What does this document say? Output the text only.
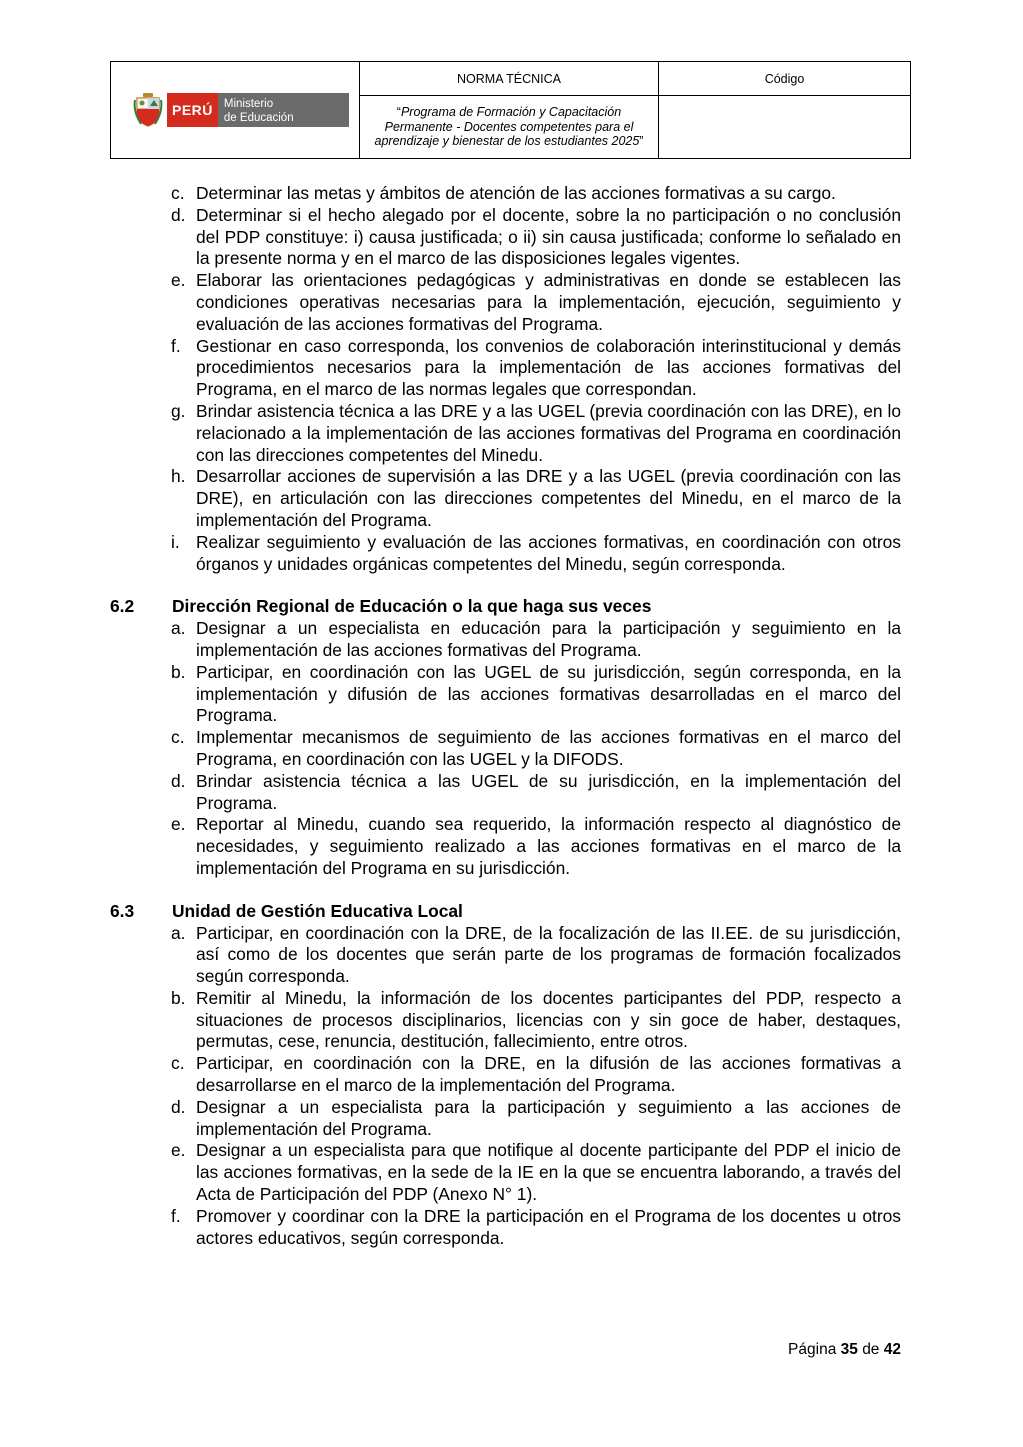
PERÚ Ministerio
de Educación	NORMA TÉCNICA	Código
	“Programa de Formación y Capacitación Permanente - Docentes competentes para el aprendizaje y bienestar de los estudiantes 2025”	
c. Determinar las metas y ámbitos de atención de las acciones formativas a su cargo.
d. Determinar si el hecho alegado por el docente, sobre la no participación o no conclusión del PDP constituye: i) causa justificada; o ii) sin causa justificada; conforme lo señalado en la presente norma y en el marco de las disposiciones legales vigentes.
e. Elaborar las orientaciones pedagógicas y administrativas en donde se establecen las condiciones operativas necesarias para la implementación, ejecución, seguimiento y evaluación de las acciones formativas del Programa.
f. Gestionar en caso corresponda, los convenios de colaboración interinstitucional y demás procedimientos necesarios para la implementación de las acciones formativas del Programa, en el marco de las normas legales que correspondan.
g. Brindar asistencia técnica a las DRE y a las UGEL (previa coordinación con las DRE), en lo relacionado a la implementación de las acciones formativas del Programa en coordinación con las direcciones competentes del Minedu.
h. Desarrollar acciones de supervisión a las DRE y a las UGEL (previa coordinación con las DRE), en articulación con las direcciones competentes del Minedu, en el marco de la implementación del Programa.
i. Realizar seguimiento y evaluación de las acciones formativas, en coordinación con otros órganos y unidades orgánicas competentes del Minedu, según corresponda.
6.2	Dirección Regional de Educación o la que haga sus veces
a. Designar a un especialista en educación para la participación y seguimiento en la implementación de las acciones formativas del Programa.
b. Participar, en coordinación con las UGEL de su jurisdicción, según corresponda, en la implementación y difusión de las acciones formativas desarrolladas en el marco del Programa.
c. Implementar mecanismos de seguimiento de las acciones formativas en el marco del Programa, en coordinación con las UGEL y la DIFODS.
d. Brindar asistencia técnica a las UGEL de su jurisdicción, en la implementación del Programa.
e. Reportar al Minedu, cuando sea requerido, la información respecto al diagnóstico de necesidades, y seguimiento realizado a las acciones formativas en el marco de la implementación del Programa en su jurisdicción.
6.3	Unidad de Gestión Educativa Local
a. Participar, en coordinación con la DRE, de la focalización de las II.EE. de su jurisdicción, así como de los docentes que serán parte de los programas de formación focalizados según corresponda.
b. Remitir al Minedu, la información de los docentes participantes del PDP, respecto a situaciones de procesos disciplinarios, licencias con y sin goce de haber, destaques, permutas, cese, renuncia, destitución, fallecimiento, entre otros.
c. Participar, en coordinación con la DRE, en la difusión de las acciones formativas a desarrollarse en el marco de la implementación del Programa.
d. Designar a un especialista para la participación y seguimiento a las acciones de implementación del Programa.
e. Designar a un especialista para que notifique al docente participante del PDP el inicio de las acciones formativas, en la sede de la IE en la que se encuentra laborando, a través del Acta de Participación del PDP (Anexo N° 1).
f. Promover y coordinar con la DRE la participación en el Programa de los docentes u otros actores educativos, según corresponda.
Página 35 de 42
